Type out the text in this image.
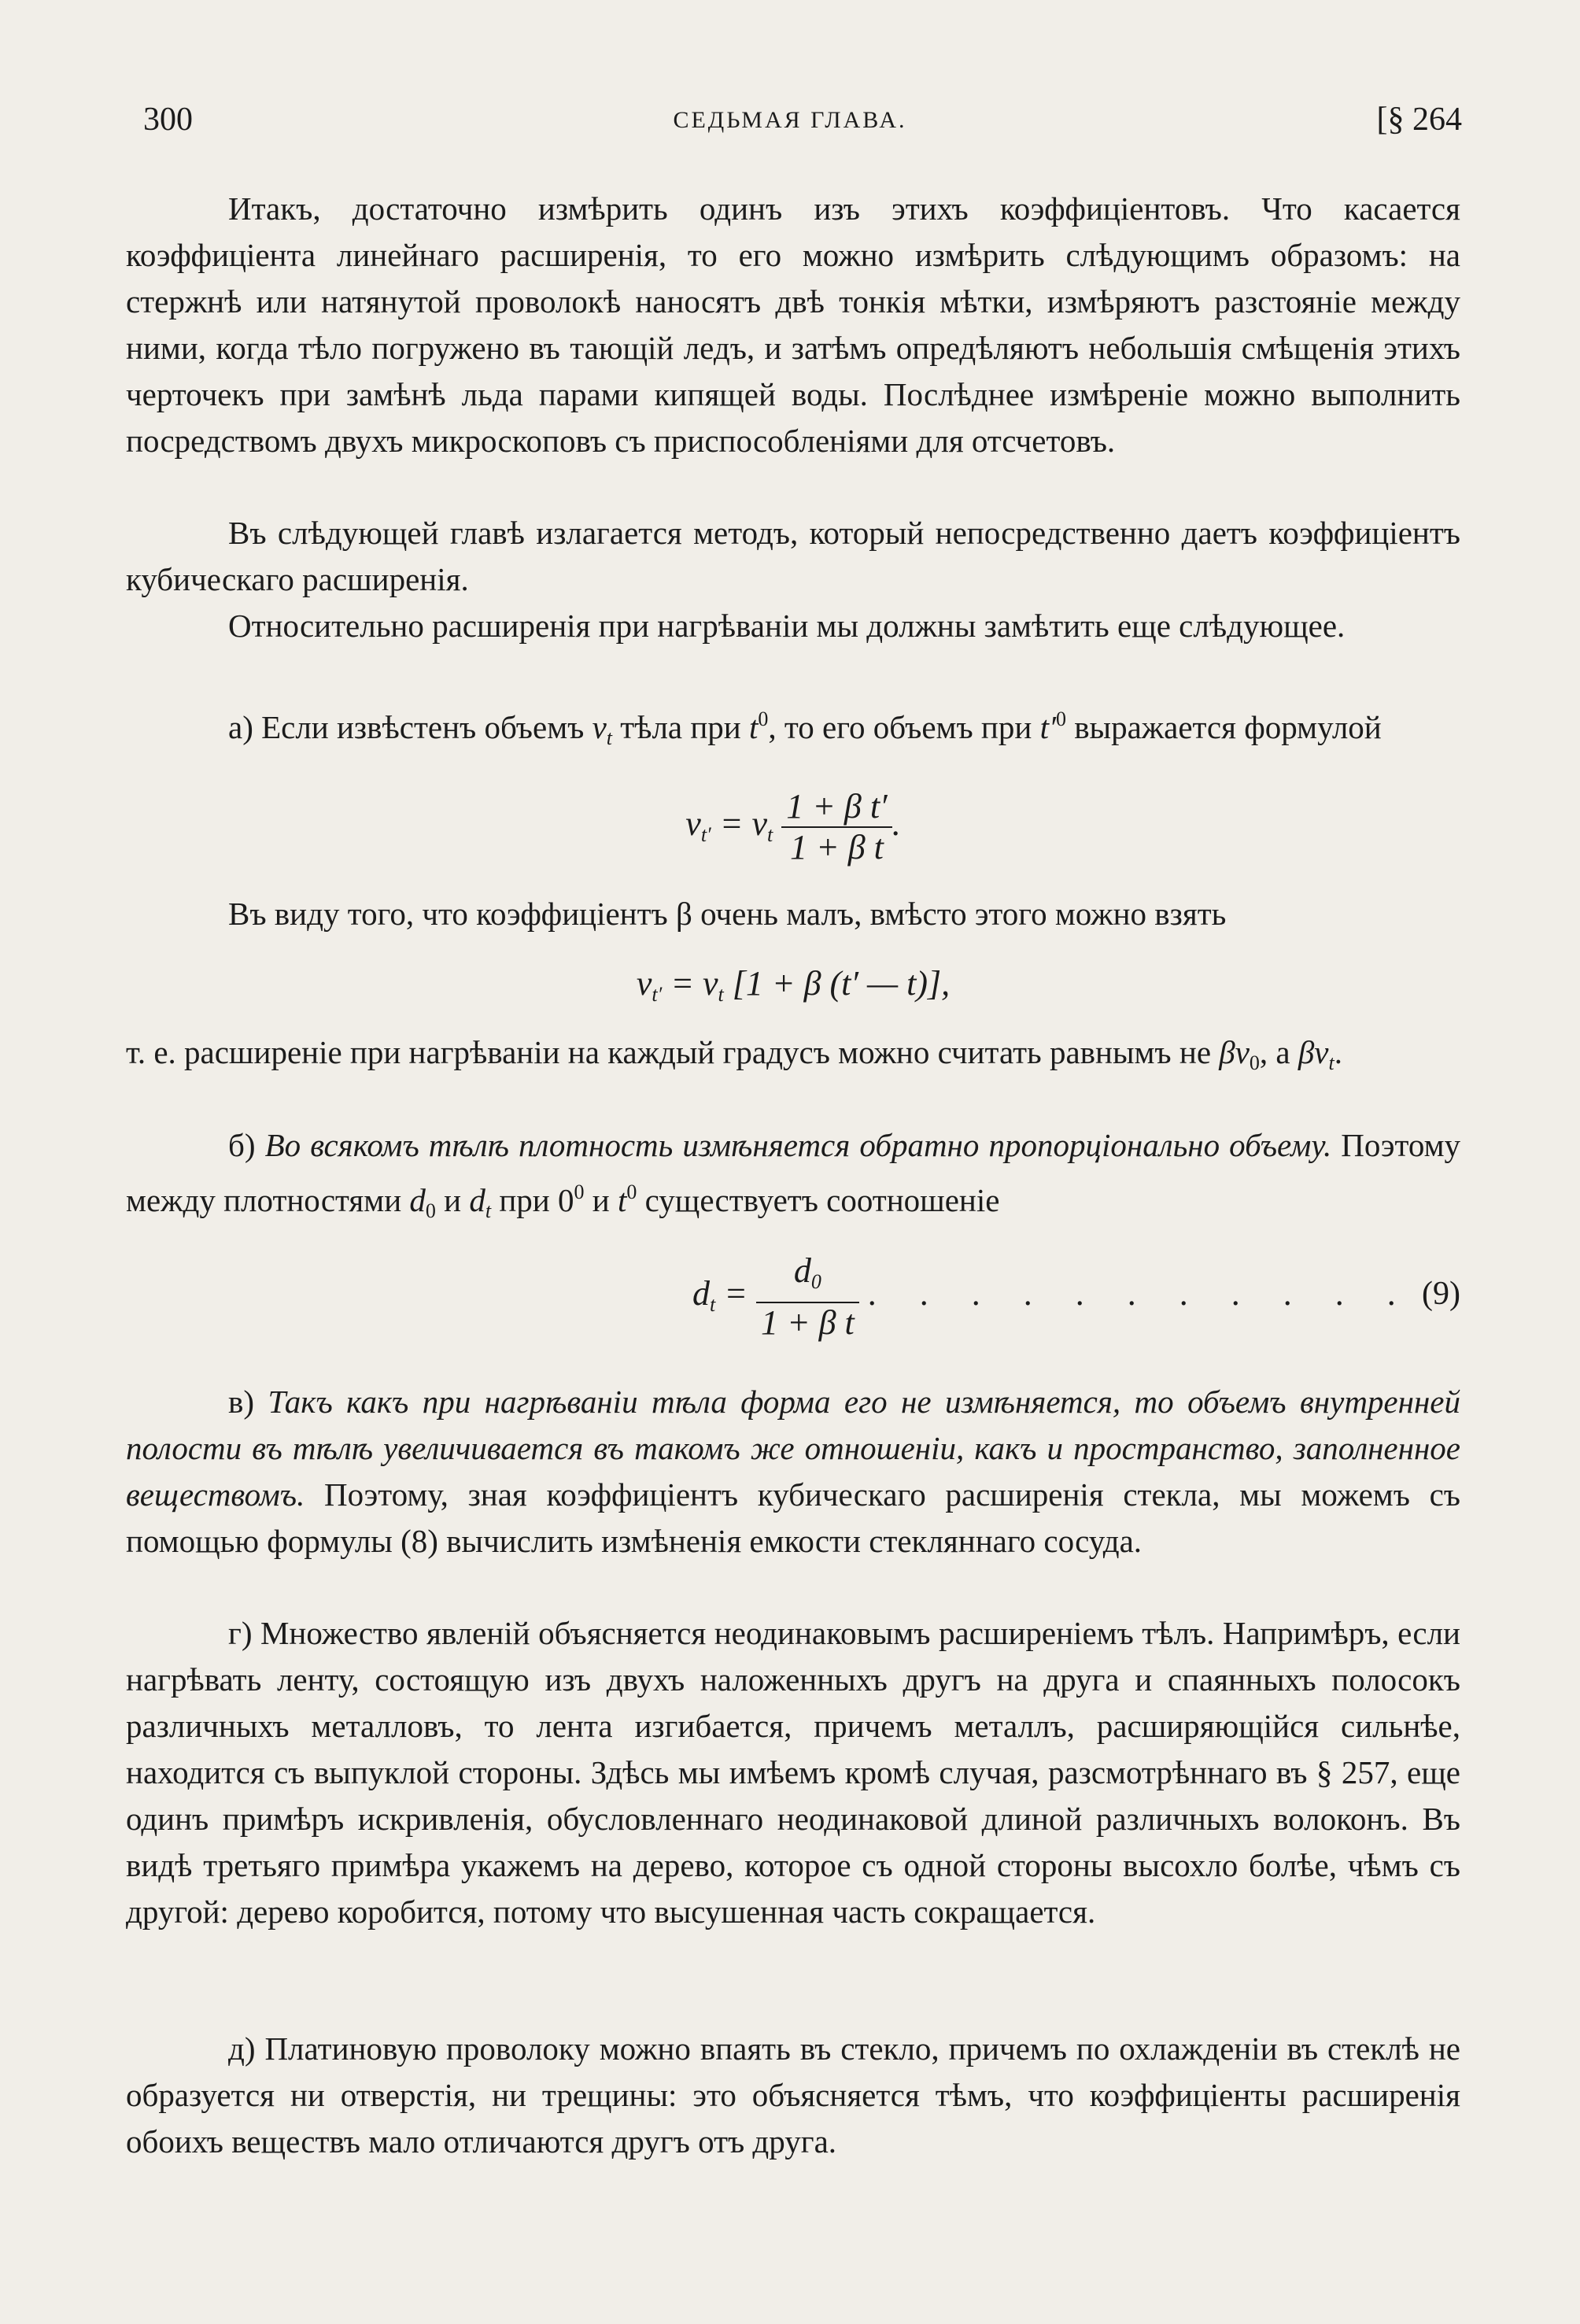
300	СЕДЬМАЯ ГЛАВА.	[§ 264
Итакъ, достаточно измѣрить одинъ изъ этихъ коэффиціентовъ. Что касается коэффиціента линейнаго расширенія, то его можно измѣрить слѣдующимъ образомъ: на стержнѣ или натянутой проволокѣ наносятъ двѣ тонкія мѣтки, измѣряютъ разстояніе между ними, когда тѣло погружено въ тающій ледъ, и затѣмъ опредѣляютъ небольшія смѣщенія этихъ черточекъ при замѣнѣ льда парами кипящей воды. Послѣднее измѣреніе можно выполнить посредствомъ двухъ микроскоповъ съ приспособленіями для отсчетовъ.
Въ слѣдующей главѣ излагается методъ, который непосредственно даетъ коэффиціентъ кубическаго расширенія.
Относительно расширенія при нагрѣваніи мы должны замѣтить еще слѣдующее.
а) Если извѣстенъ объемъ $v_t$ тѣла при $t^0$, то его объемъ при $t'^0$ выражается формулой
$v_{t'} = v_t \frac{\text{1 + β t′}}{\text{1 + β t}}$ .
Въ виду того, что коэффиціентъ β очень малъ, вмѣсто этого можно взять
$v_{t'} = v_t$ [1 + β (t′ — t)],
т. е. расширеніе при нагрѣваніи на каждый градусъ можно считать равнымъ не $\beta v_0$, а $\beta v_t$.
б) Во всякомъ тѣлѣ плотность измѣняется обратно пропорціонально объему. Поэтому между плотностями $d_0$ и $d_t$ при $0^0$ и $t^0$ существуетъ соотношеніе
$d_t = \frac{d_0}{\text{1 + β t}}$ . . . . . . . . . . . (9)
в) Такъ какъ при нагрѣваніи тѣла форма его не измѣняется, то объемъ внутренней полости въ тѣлѣ увеличивается въ такомъ же отношеніи, какъ и пространство, заполненное веществомъ. Поэтому, зная коэффиціентъ кубическаго расширенія стекла, мы можемъ съ помощью формулы (8) вычислить измѣненія емкости стекляннаго сосуда.
г) Множество явленій объясняется неодинаковымъ расширеніемъ тѣлъ. Напримѣръ, если нагрѣвать ленту, состоящую изъ двухъ наложенныхъ другъ на друга и спаянныхъ полосокъ различныхъ металловъ, то лента изгибается, причемъ металлъ, расширяющійся сильнѣе, находится съ выпуклой стороны. Здѣсь мы имѣемъ кромѣ случая, разсмотрѣннаго въ § 257, еще одинъ примѣръ искривленія, обусловленнаго неодинаковой длиной различныхъ волоконъ. Въ видѣ третьяго примѣра укажемъ на дерево, которое съ одной стороны высохло болѣе, чѣмъ съ другой: дерево коробится, потому что высушенная часть сокращается.
д) Платиновую проволоку можно впаять въ стекло, причемъ по охлажденіи въ стеклѣ не образуется ни отверстія, ни трещины: это объясняется тѣмъ, что коэффиціенты расширенія обоихъ веществъ мало отличаются другъ отъ друга.
